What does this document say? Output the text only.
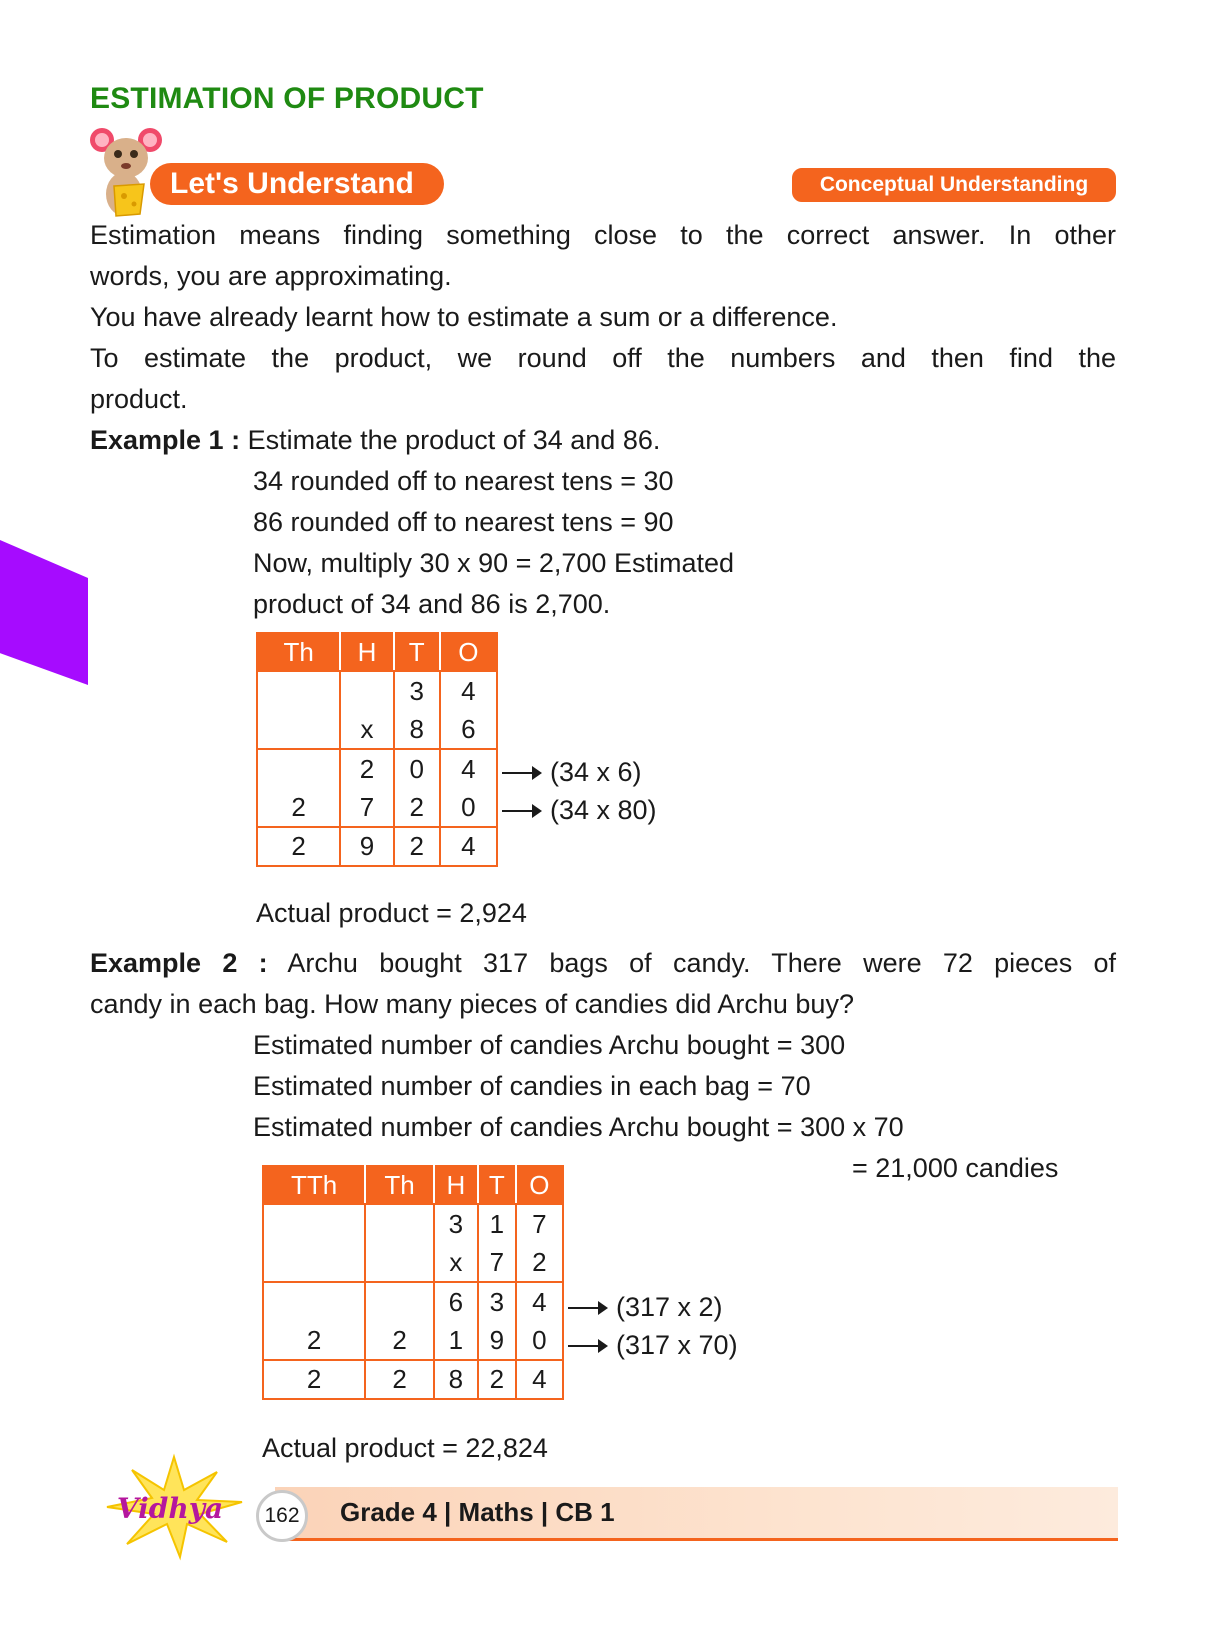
ESTIMATION OF PRODUCT
Let's Understand	Conceptual Understanding
Estimation means finding something close to the correct answer. In other
words, you are approximating.
You have already learnt how to estimate a sum or a difference.
To estimate the product, we round off the numbers and then find the
product.
Example 1 : Estimate the product of 34 and 86.
34 rounded off to nearest tens = 30
86 rounded off to nearest tens = 90
Now, multiply 30 x 90 = 2,700 Estimated
product of 34 and 86 is 2,700.
Th	H	T	O
		3	4
	x	8	6
	2	0	4
2	7	2	0
2	9	2	4
(34 x 6)
(34 x 80)
Actual product = 2,924
Example 2 : Archu bought 317 bags of candy. There were 72 pieces of
candy in each bag. How many pieces of candies did Archu buy?
Estimated number of candies Archu bought = 300
Estimated number of candies in each bag = 70
Estimated number of candies Archu bought = 300 x 70
= 21,000 candies
TTh	Th	H	T	O
		3	1	7
		x	7	2
		6	3	4
2	2	1	9	0
2	2	8	2	4
(317 x 2)
(317 x 70)
Actual product = 22,824
Vidhya	162	Grade 4 | Maths | CB 1
